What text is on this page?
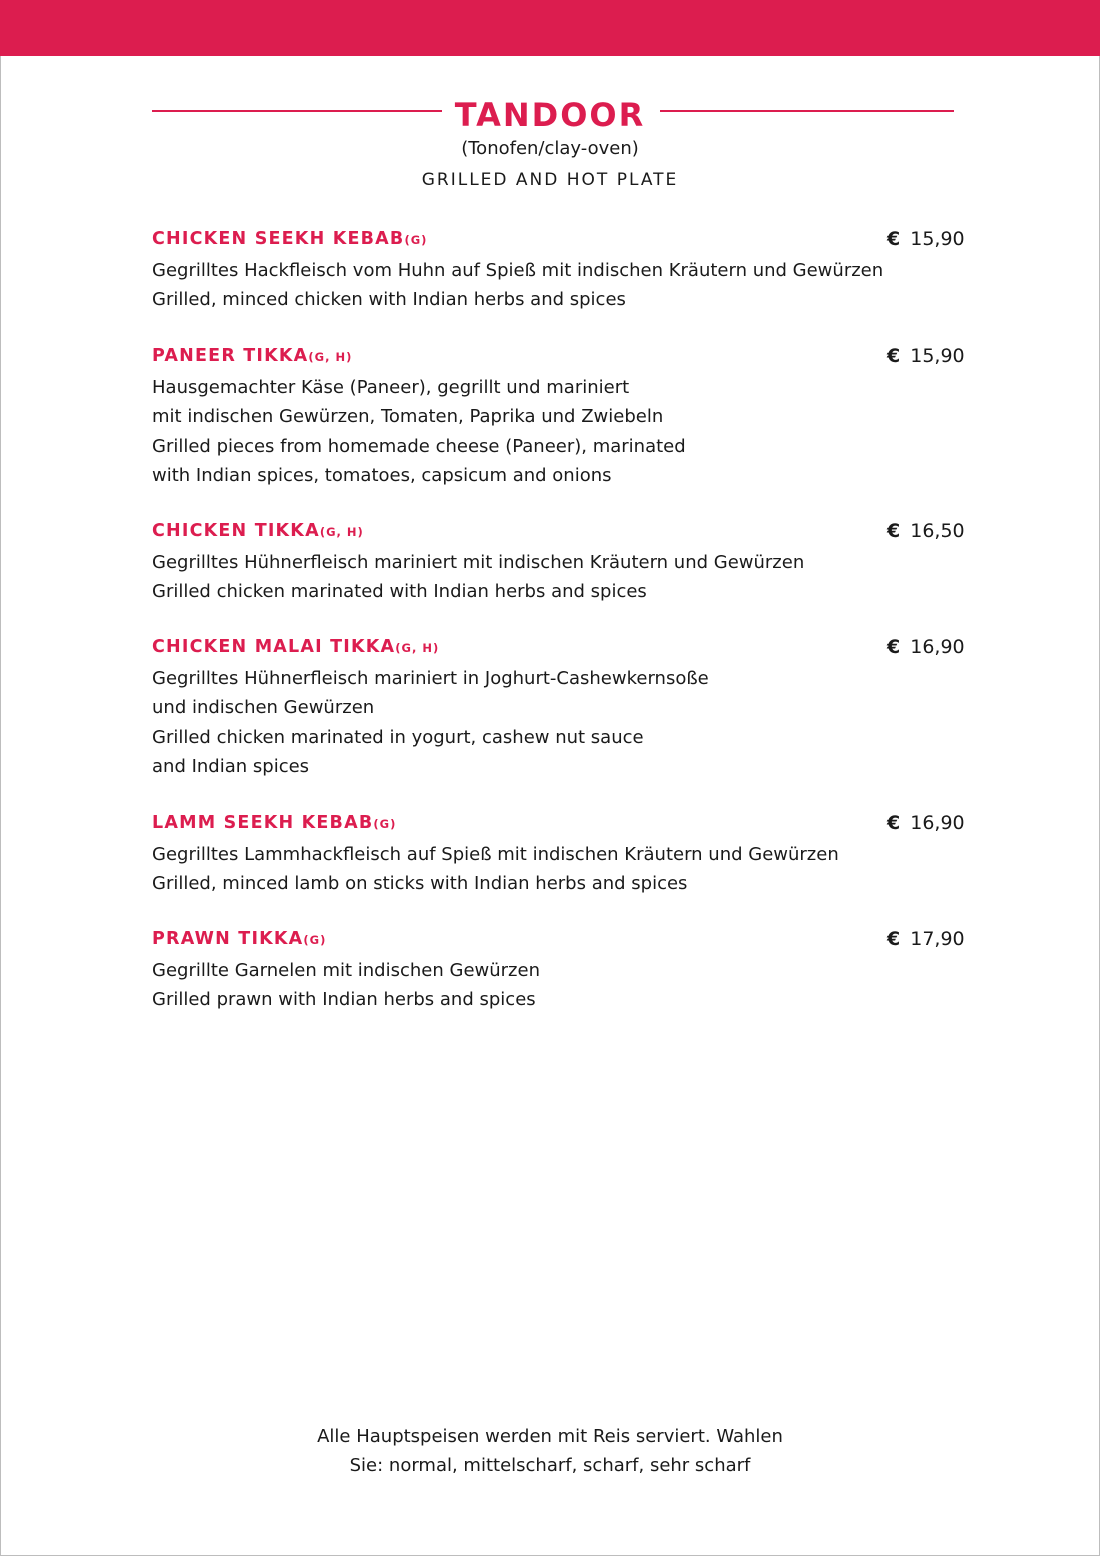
TANDOOR
(Tonofen/clay-oven)
GRILLED AND HOT PLATE
CHICKEN SEEKH KEBAB(G)	€ 15,90
Gegrilltes Hackfleisch vom Huhn auf Spieß mit indischen Kräutern und Gewürzen
Grilled, minced chicken with Indian herbs and spices
PANEER TIKKA(G, H)	€ 15,90
Hausgemachter Käse (Paneer), gegrillt und mariniert
mit indischen Gewürzen, Tomaten, Paprika und Zwiebeln
Grilled pieces from homemade cheese (Paneer), marinated
with Indian spices, tomatoes, capsicum and onions
CHICKEN TIKKA(G, H)	€ 16,50
Gegrilltes Hühnerfleisch mariniert mit indischen Kräutern und Gewürzen
Grilled chicken marinated with Indian herbs and spices
CHICKEN MALAI TIKKA(G, H)	€ 16,90
Gegrilltes Hühnerfleisch mariniert in Joghurt-Cashewkernsoße
und indischen Gewürzen
Grilled chicken marinated in yogurt, cashew nut sauce
and Indian spices
LAMM SEEKH KEBAB(G)	€ 16,90
Gegrilltes Lammhackfleisch auf Spieß mit indischen Kräutern und Gewürzen
Grilled, minced lamb on sticks with Indian herbs and spices
PRAWN TIKKA(G)	€ 17,90
Gegrillte Garnelen mit indischen Gewürzen
Grilled prawn with Indian herbs and spices
Alle Hauptspeisen werden mit Reis serviert. Wahlen
Sie: normal, mittelscharf, scharf, sehr scharf
